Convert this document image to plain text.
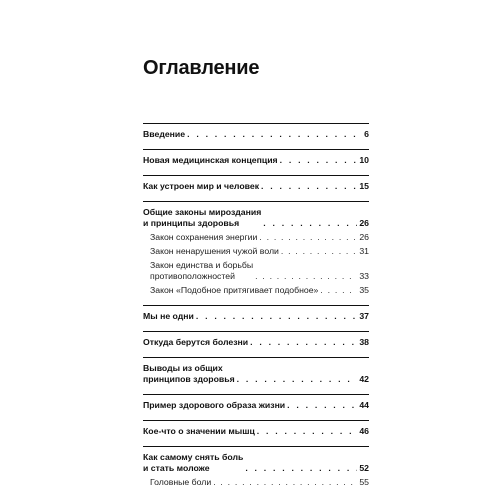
Оглавление
Введение . . .	6
Новая медицинская концепция . . .	10
Как устроен мир и человек . . .	15
Общие законы мироздания
и принципы здоровья . . .	26
Закон сохранения энергии . . .	26
Закон ненарушения чужой воли . . .	31
Закон единства и борьбы
противоположностей . . .	33
Закон «Подобное притягивает подобное» . . .	35
Мы не одни . . .	37
Откуда берутся болезни . . .	38
Выводы из общих
принципов здоровья . . .	42
Пример здорового образа жизни . . .	44
Кое-что о значении мышц . . .	46
Как самому снять боль
и стать моложе . . .	52
Головные боли . . .	55
